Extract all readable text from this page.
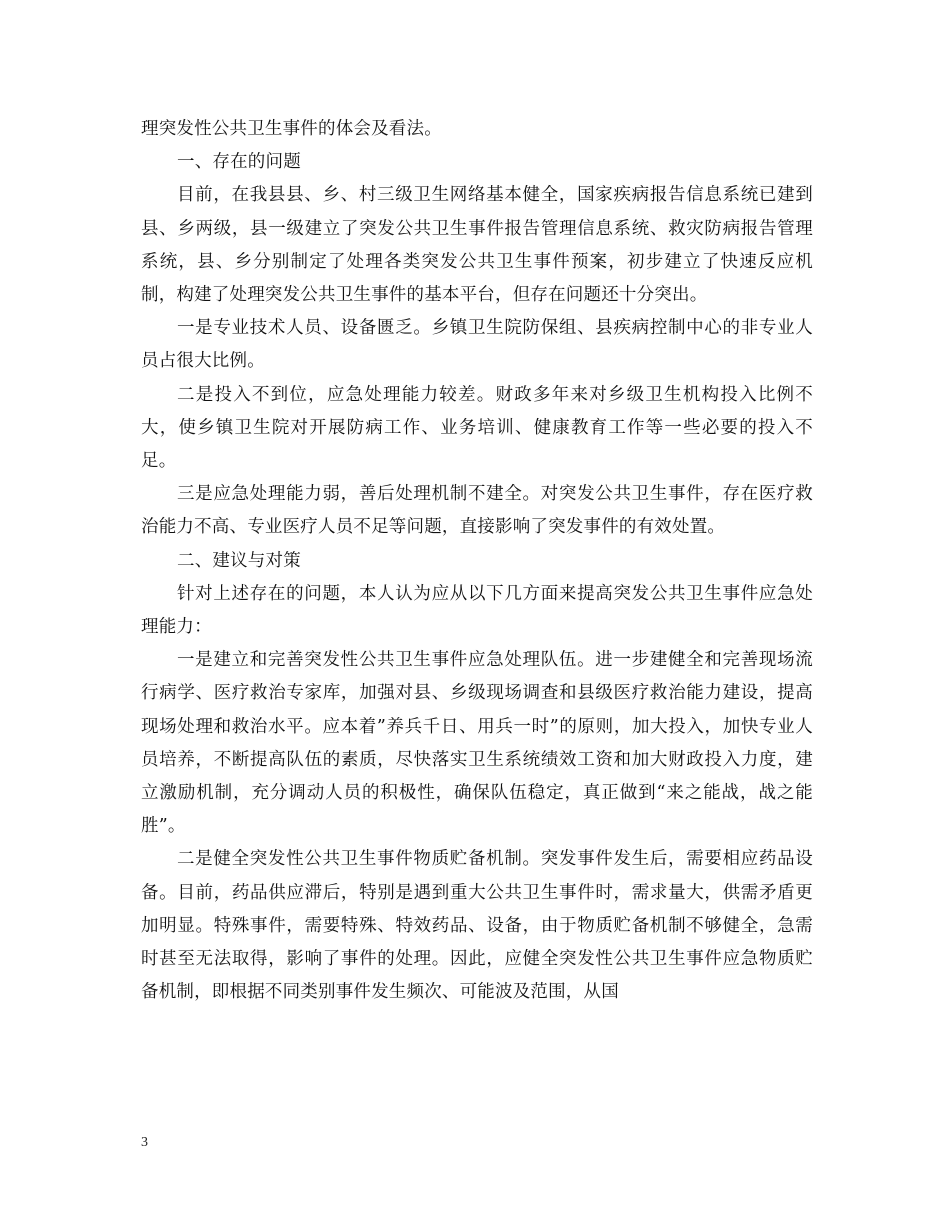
理突发性公共卫生事件的体会及看法。

一、存在的问题

目前，在我县县、乡、村三级卫生网络基本健全，国家疾病报告信息系统已建到县、乡两级，县一级建立了突发公共卫生事件报告管理信息系统、救灾防病报告管理系统，县、乡分别制定了处理各类突发公共卫生事件预案，初步建立了快速反应机制，构建了处理突发公共卫生事件的基本平台，但存在问题还十分突出。

一是专业技术人员、设备匮乏。乡镇卫生院防保组、县疾病控制中心的非专业人员占很大比例。

二是投入不到位，应急处理能力较差。财政多年来对乡级卫生机构投入比例不大，使乡镇卫生院对开展防病工作、业务培训、健康教育工作等一些必要的投入不足。

三是应急处理能力弱，善后处理机制不建全。对突发公共卫生事件，存在医疗救治能力不高、专业医疗人员不足等问题，直接影响了突发事件的有效处置。

二、建议与对策

针对上述存在的问题，本人认为应从以下几方面来提高突发公共卫生事件应急处理能力：

一是建立和完善突发性公共卫生事件应急处理队伍。进一步建健全和完善现场流行病学、医疗救治专家库，加强对县、乡级现场调查和县级医疗救治能力建设，提高现场处理和救治水平。应本着”养兵千日、用兵一时”的原则，加大投入，加快专业人员培养，不断提高队伍的素质，尽快落实卫生系统绩效工资和加大财政投入力度，建立激励机制，充分调动人员的积极性，确保队伍稳定，真正做到“来之能战，战之能胜”。

二是健全突发性公共卫生事件物质贮备机制。突发事件发生后，需要相应药品设备。目前，药品供应滞后，特别是遇到重大公共卫生事件时，需求量大，供需矛盾更加明显。特殊事件，需要特殊、特效药品、设备，由于物质贮备机制不够健全，急需时甚至无法取得，影响了事件的处理。因此，应健全突发性公共卫生事件应急物质贮备机制，即根据不同类别事件发生频次、可能波及范围，从国

3
